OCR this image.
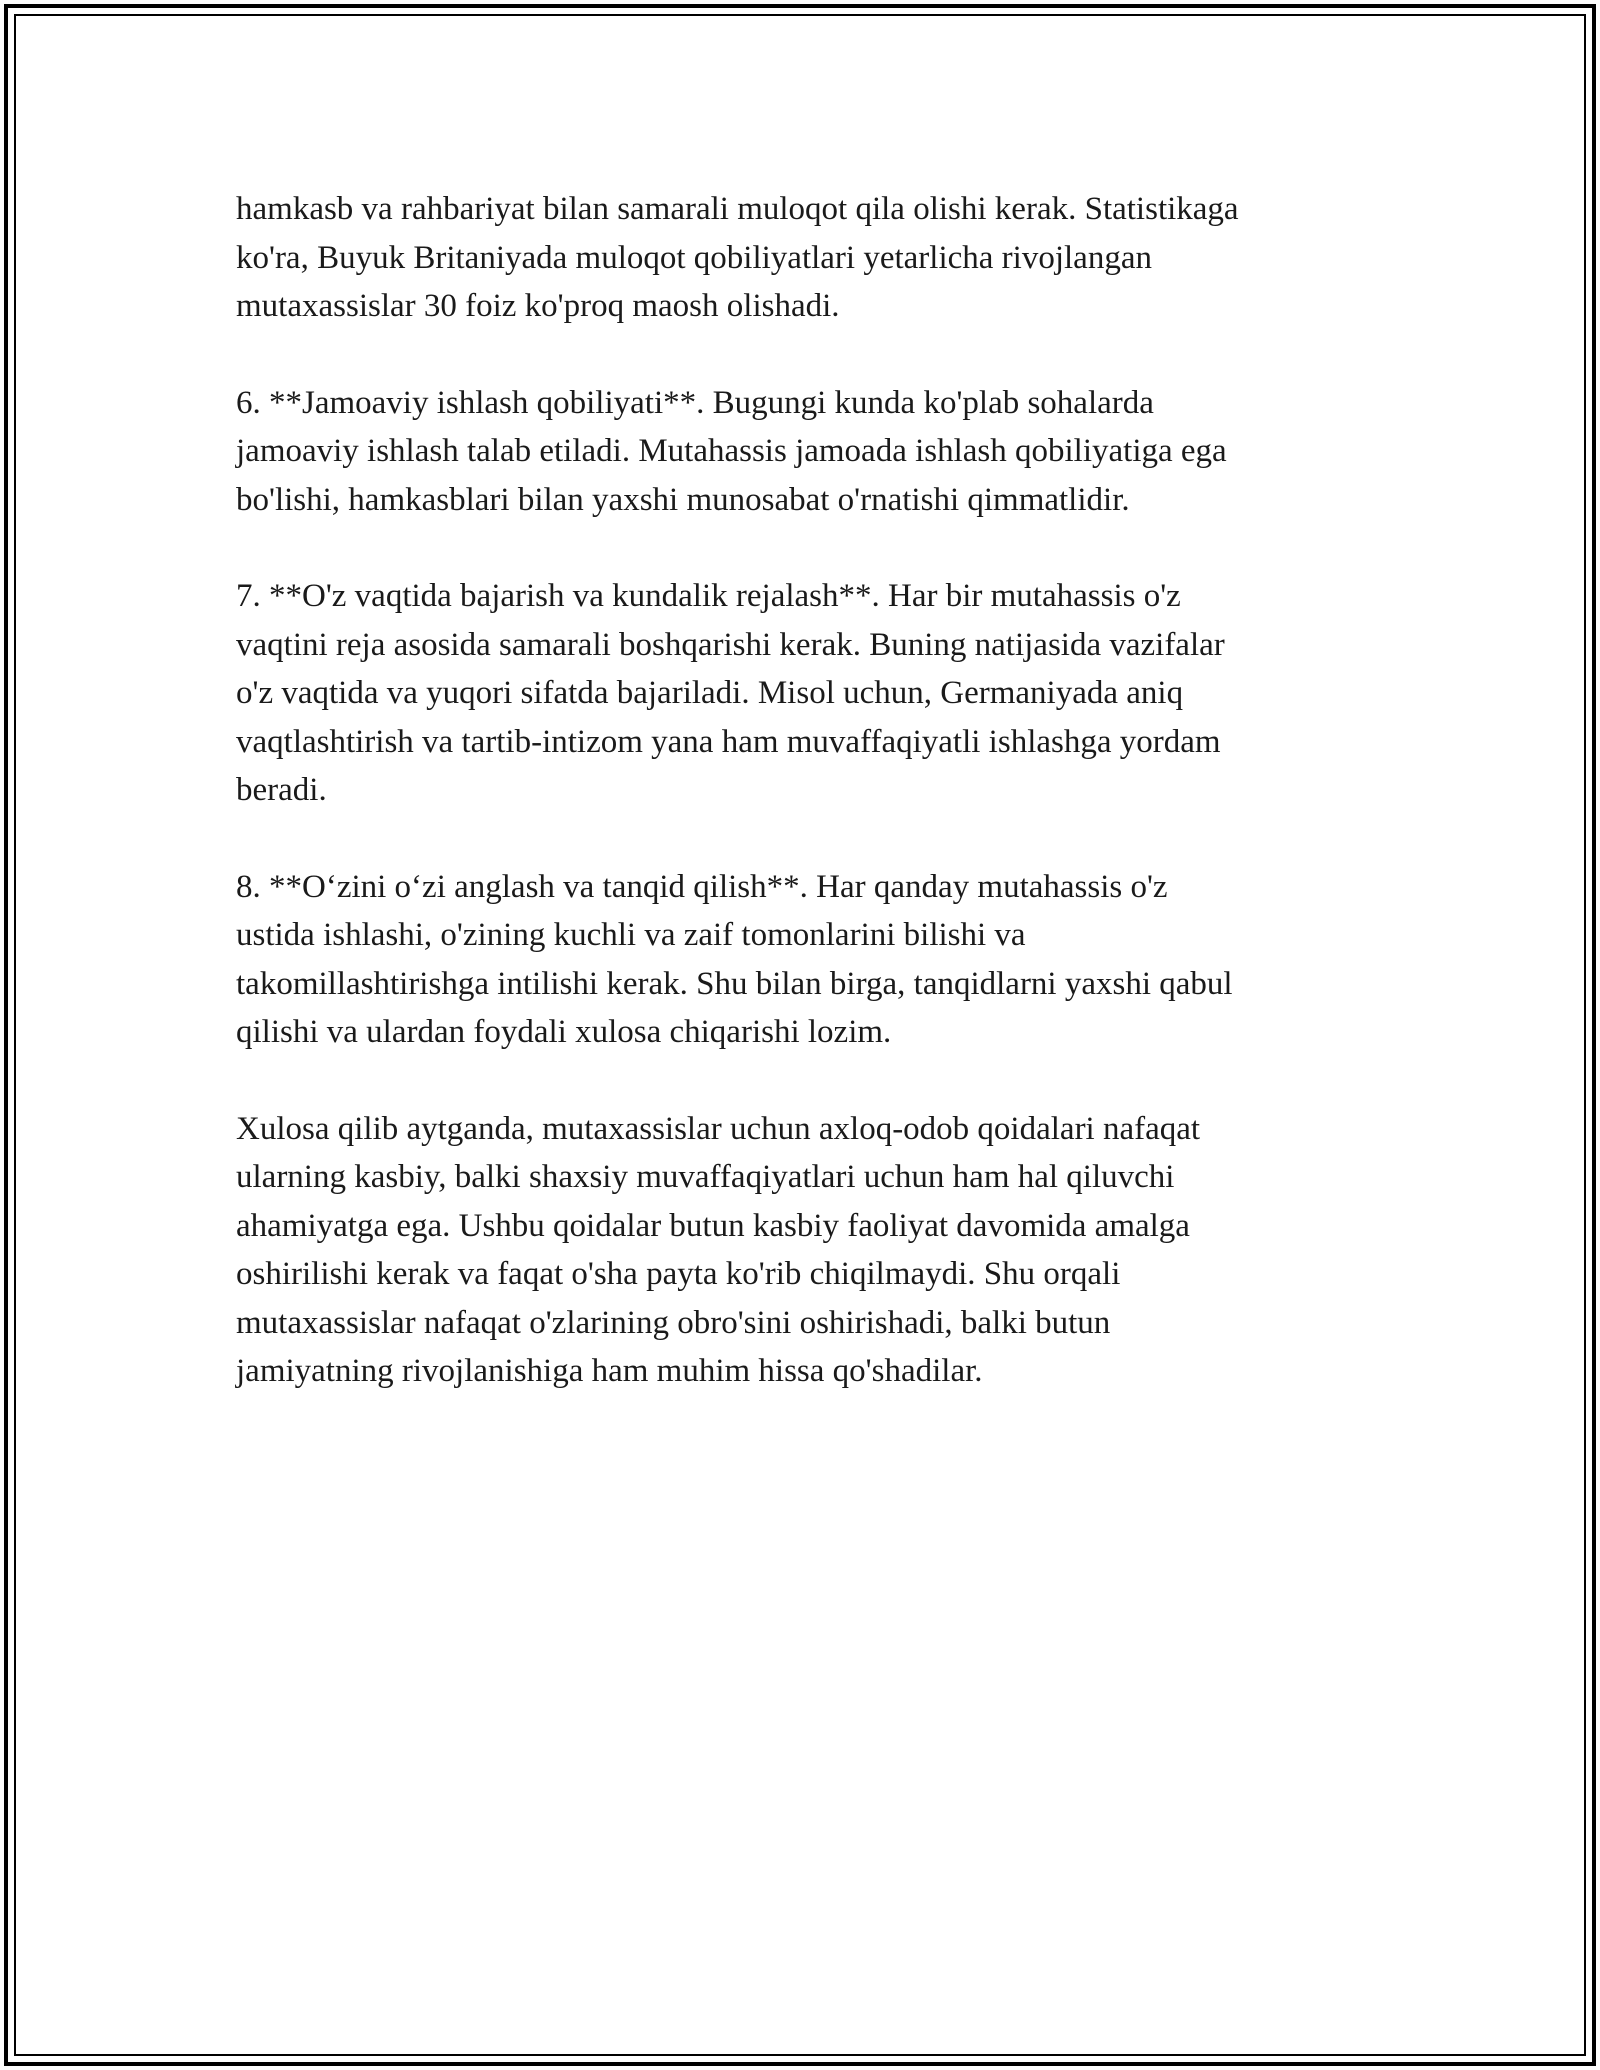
hamkasb va rahbariyat bilan samarali muloqot qila olishi kerak. Statistikaga
ko'ra, Buyuk Britaniyada muloqot qobiliyatlari yetarlicha rivojlangan
mutaxassislar 30 foiz ko'proq maosh olishadi.

6. **Jamoaviy ishlash qobiliyati**. Bugungi kunda ko'plab sohalarda
jamoaviy ishlash talab etiladi. Mutahassis jamoada ishlash qobiliyatiga ega
bo'lishi, hamkasblari bilan yaxshi munosabat o'rnatishi qimmatlidir.

7. **O'z vaqtida bajarish va kundalik rejalash**. Har bir mutahassis o'z
vaqtini reja asosida samarali boshqarishi kerak. Buning natijasida vazifalar
o'z vaqtida va yuqori sifatda bajariladi. Misol uchun, Germaniyada aniq
vaqtlashtirish va tartib-intizom yana ham muvaffaqiyatli ishlashga yordam
beradi.

8. **O‘zini o‘zi anglash va tanqid qilish**. Har qanday mutahassis o'z
ustida ishlashi, o'zining kuchli va zaif tomonlarini bilishi va
takomillashtirishga intilishi kerak. Shu bilan birga, tanqidlarni yaxshi qabul
qilishi va ulardan foydali xulosa chiqarishi lozim.

Xulosa qilib aytganda, mutaxassislar uchun axloq-odob qoidalari nafaqat
ularning kasbiy, balki shaxsiy muvaffaqiyatlari uchun ham hal qiluvchi
ahamiyatga ega. Ushbu qoidalar butun kasbiy faoliyat davomida amalga
oshirilishi kerak va faqat o'sha payta ko'rib chiqilmaydi. Shu orqali
mutaxassislar nafaqat o'zlarining obro'sini oshirishadi, balki butun
jamiyatning rivojlanishiga ham muhim hissa qo'shadilar.
